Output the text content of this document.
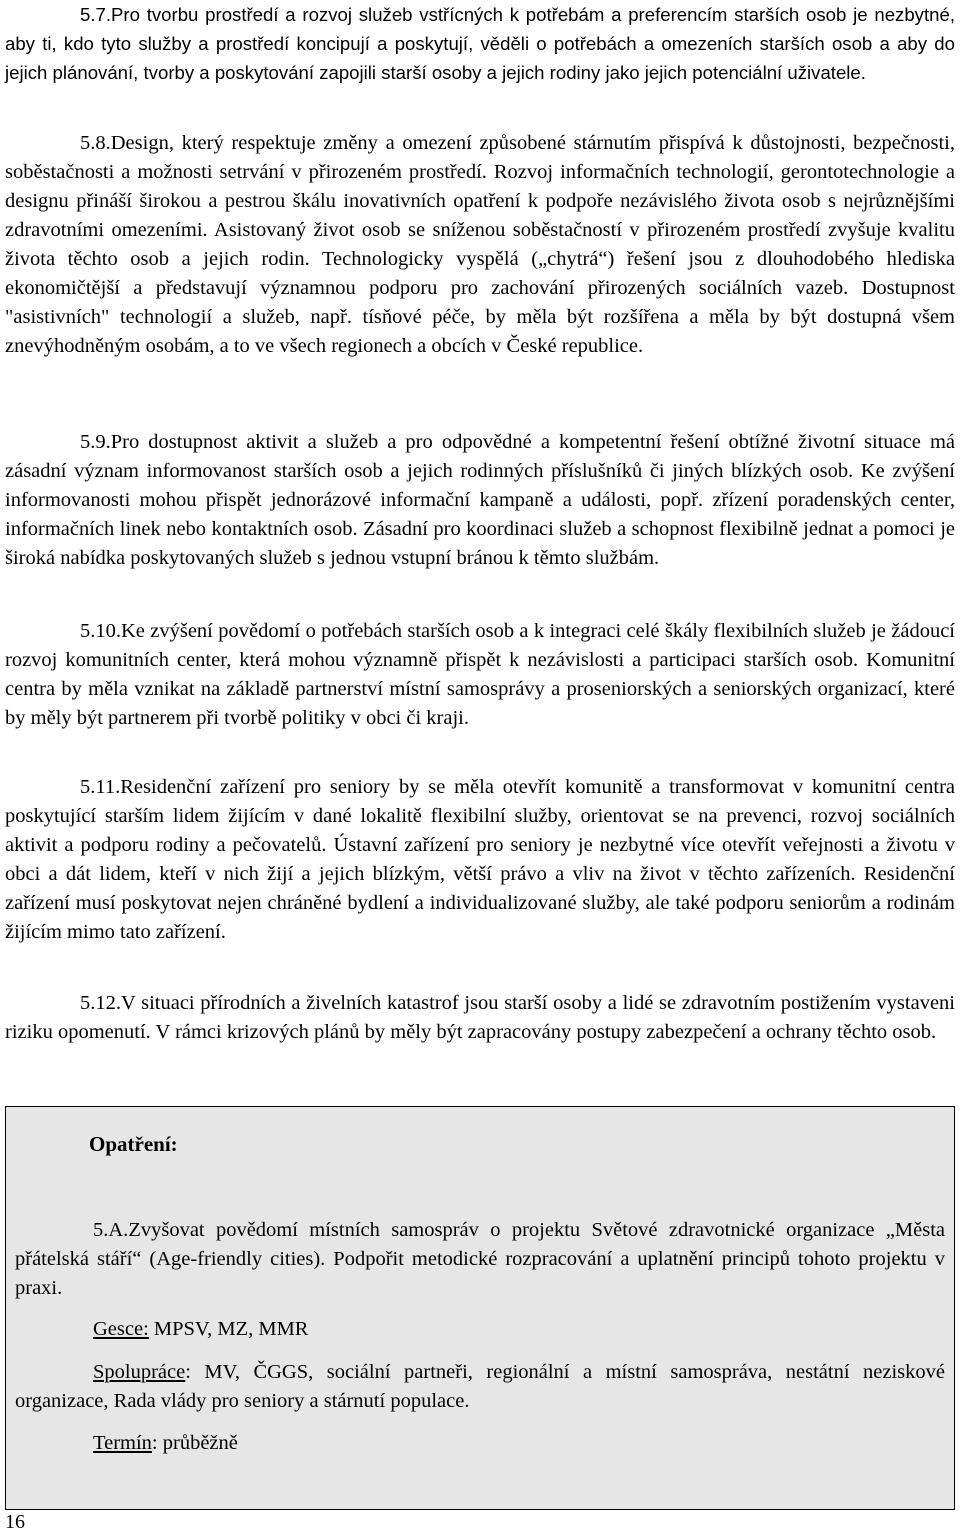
5.7.Pro tvorbu prostředí a rozvoj služeb vstřícných k potřebám a preferencím starších osob je nezbytné, aby ti, kdo tyto služby a prostředí koncipují a poskytují, věděli o potřebách a omezeních starších osob a aby do jejich plánování, tvorby a poskytování zapojili starší osoby a jejich rodiny jako jejich potenciální uživatele.

5.8.Design, který respektuje změny a omezení způsobené stárnutím přispívá k důstojnosti, bezpečnosti, soběstačnosti a možnosti setrvání v přirozeném prostředí. Rozvoj informačních technologií, gerontotechnologie a designu přináší širokou a pestrou škálu inovativních opatření k podpoře nezávislého života osob s nejrůznějšími zdravotními omezeními. Asistovaný život osob se sníženou soběstačností v přirozeném prostředí zvyšuje kvalitu života těchto osob a jejich rodin. Technologicky vyspělá („chytrá“) řešení jsou z dlouhodobého hlediska ekonomičtější a představují významnou podporu pro zachování přirozených sociálních vazeb. Dostupnost "asistivních" technologií a služeb, např. tísňové péče, by měla být rozšířena a měla by být dostupná všem znevýhodněným osobám, a to ve všech regionech a obcích v České republice.

5.9.Pro dostupnost aktivit a služeb a pro odpovědné a kompetentní řešení obtížné životní situace má zásadní význam informovanost starších osob a jejich rodinných příslušníků či jiných blízkých osob. Ke zvýšení informovanosti mohou přispět jednorázové informační kampaně a události, popř. zřízení poradenských center, informačních linek nebo kontaktních osob. Zásadní pro koordinaci služeb a schopnost flexibilně jednat a pomoci je široká nabídka poskytovaných služeb s jednou vstupní bránou k těmto službám.

5.10.Ke zvýšení povědomí o potřebách starších osob a k integraci celé škály flexibilních služeb je žádoucí rozvoj komunitních center, která mohou významně přispět k nezávislosti a participaci starších osob. Komunitní centra by měla vznikat na základě partnerství místní samosprávy a proseniorských a seniorských organizací, které by měly být partnerem při tvorbě politiky v obci či kraji.

5.11.Residenční zařízení pro seniory by se měla otevřít komunitě a transformovat v komunitní centra poskytující starším lidem žijícím v dané lokalitě flexibilní služby, orientovat se na prevenci, rozvoj sociálních aktivit a podporu rodiny a pečovatelů. Ústavní zařízení pro seniory je nezbytné více otevřít veřejnosti a životu v obci a dát lidem, kteří v nich žijí a jejich blízkým, větší právo a vliv na život v těchto zařízeních. Residenční zařízení musí poskytovat nejen chráněné bydlení a individualizované služby, ale také podporu seniorům a rodinám žijícím mimo tato zařízení.

5.12.V situaci přírodních a živelních katastrof jsou starší osoby a lidé se zdravotním postižením vystaveni riziku opomenutí. V rámci krizových plánů by měly být zapracovány postupy zabezpečení a ochrany těchto osob.

Opatření:

5.A.Zvyšovat povědomí místních samospráv o projektu Světové zdravotnické organizace „Města přátelská stáří“ (Age-friendly cities). Podpořit metodické rozpracování a uplatnění principů tohoto projektu v praxi.

Gesce: MPSV, MZ, MMR

Spolupráce: MV, ČGGS, sociální partneři, regionální a místní samospráva, nestátní neziskové organizace, Rada vlády pro seniory a stárnutí populace.

Termín: průběžně

16
